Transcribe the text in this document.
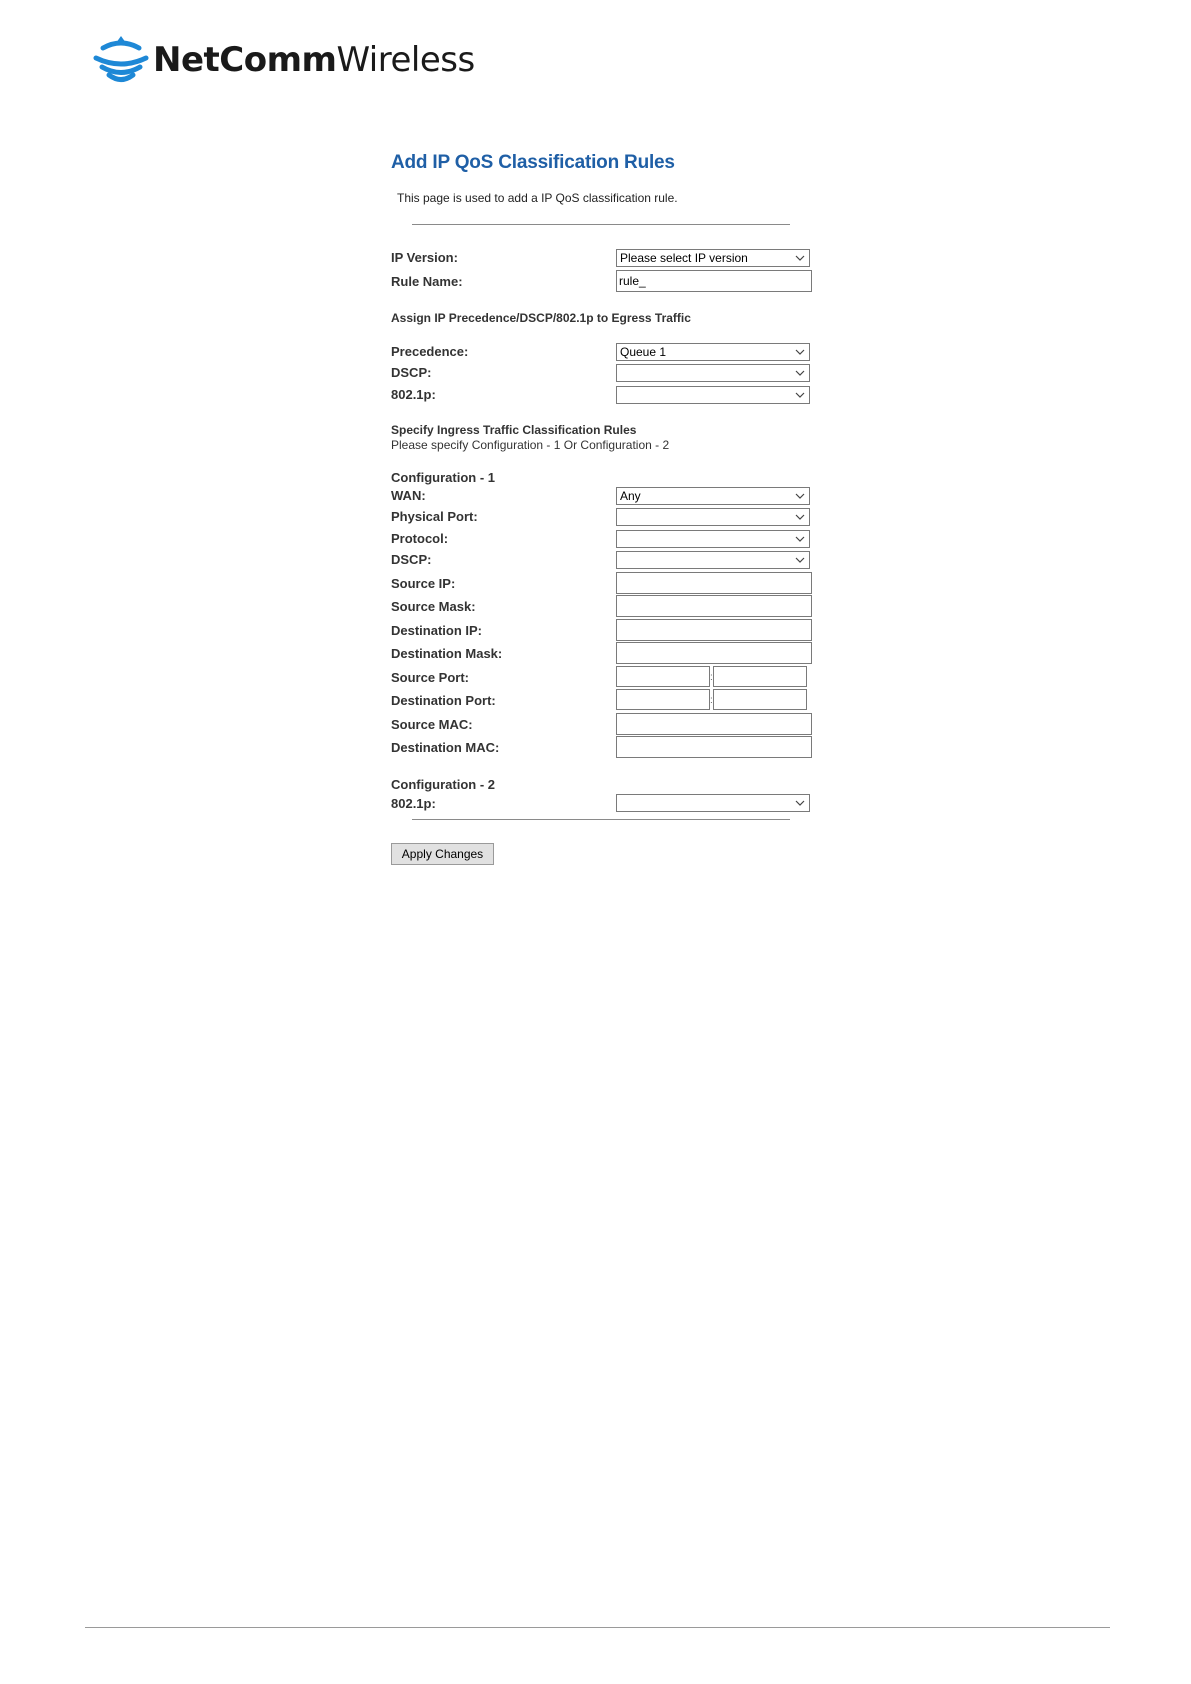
NetCommWireless
Add IP QoS Classification Rules
This page is used to add a IP QoS classification rule.
IP Version:	Please select IP version
Rule Name:	rule_
Assign IP Precedence/DSCP/802.1p to Egress Traffic
Precedence:	Queue 1
DSCP:
802.1p:
Specify Ingress Traffic Classification Rules
Please specify Configuration - 1 Or Configuration - 2
Configuration - 1
WAN:	Any
Physical Port:
Protocol:
DSCP:
Source IP:
Source Mask:
Destination IP:
Destination Mask:
Source Port:	:
Destination Port:	:
Source MAC:
Destination MAC:
Configuration - 2
802.1p:
Apply Changes
